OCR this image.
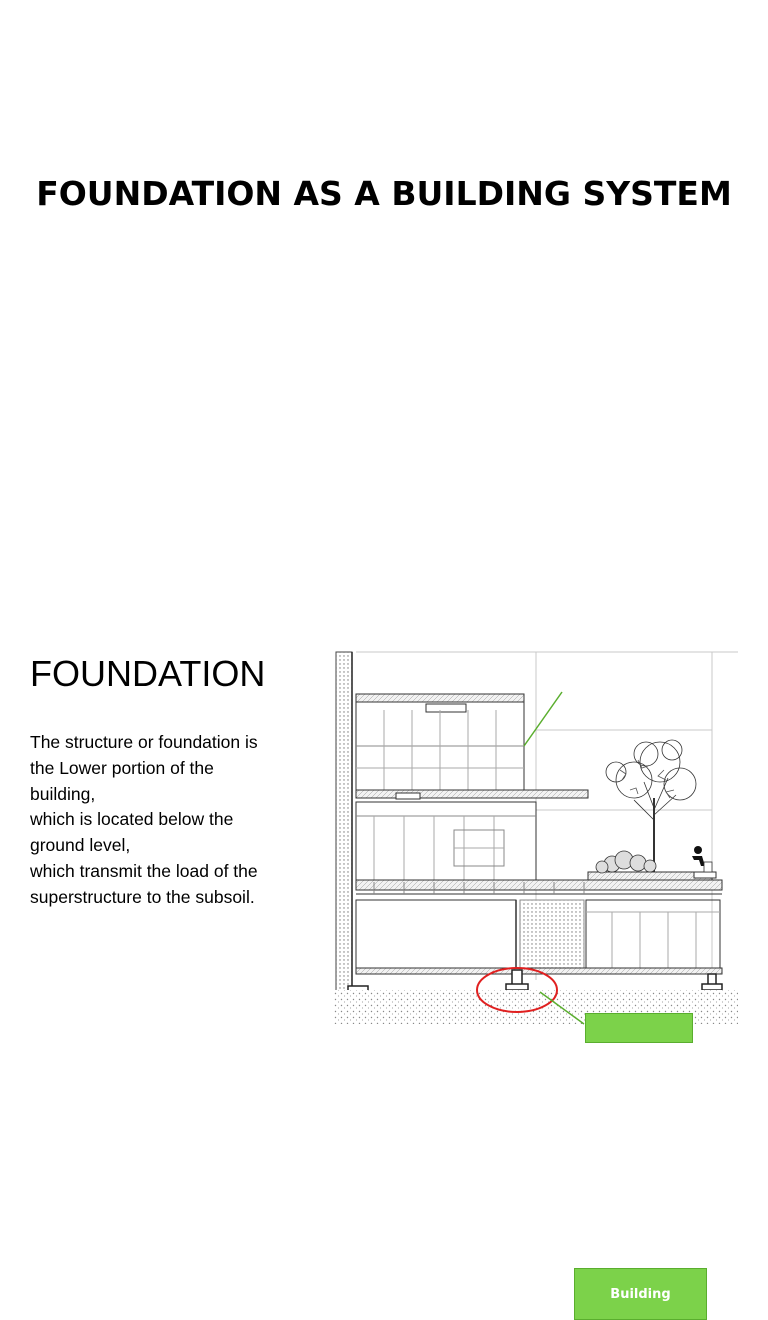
FOUNDATION AS A BUILDING SYSTEM
FOUNDATION

The structure or foundation is
the Lower portion of the
building,
which is located below the
ground level,
which transmit the load of the
superstructure to the subsoil.

Building
